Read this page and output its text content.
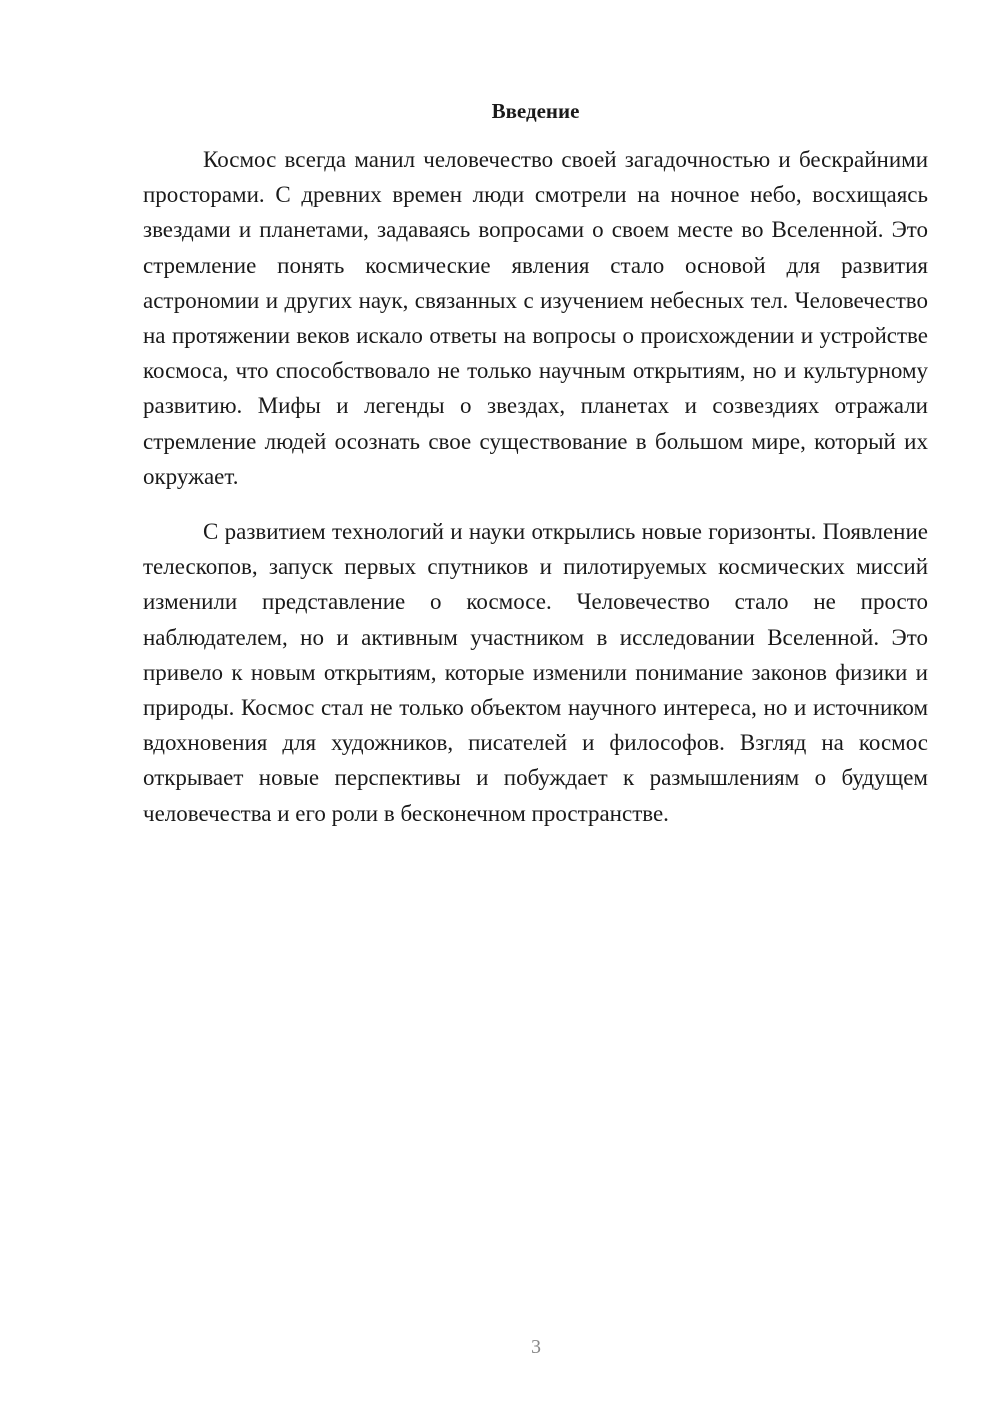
Введение

Космос всегда манил человечество своей загадочностью и бескрайними просторами. С древних времен люди смотрели на ночное небо, восхищаясь звездами и планетами, задаваясь вопросами о своем месте во Вселенной. Это стремление понять космические явления стало основой для развития астрономии и других наук, связанных с изучением небесных тел. Человечество на протяжении веков искало ответы на вопросы о происхождении и устройстве космоса, что способствовало не только научным открытиям, но и культурному развитию. Мифы и легенды о звездах, планетах и созвездиях отражали стремление людей осознать свое существование в большом мире, который их окружает.

С развитием технологий и науки открылись новые горизонты. Появление телескопов, запуск первых спутников и пилотируемых космических миссий изменили представление о космосе. Человечество стало не просто наблюдателем, но и активным участником в исследовании Вселенной. Это привело к новым открытиям, которые изменили понимание законов физики и природы. Космос стал не только объектом научного интереса, но и источником вдохновения для художников, писателей и философов. Взгляд на космос открывает новые перспективы и побуждает к размышлениям о будущем человечества и его роли в бесконечном пространстве.

3
